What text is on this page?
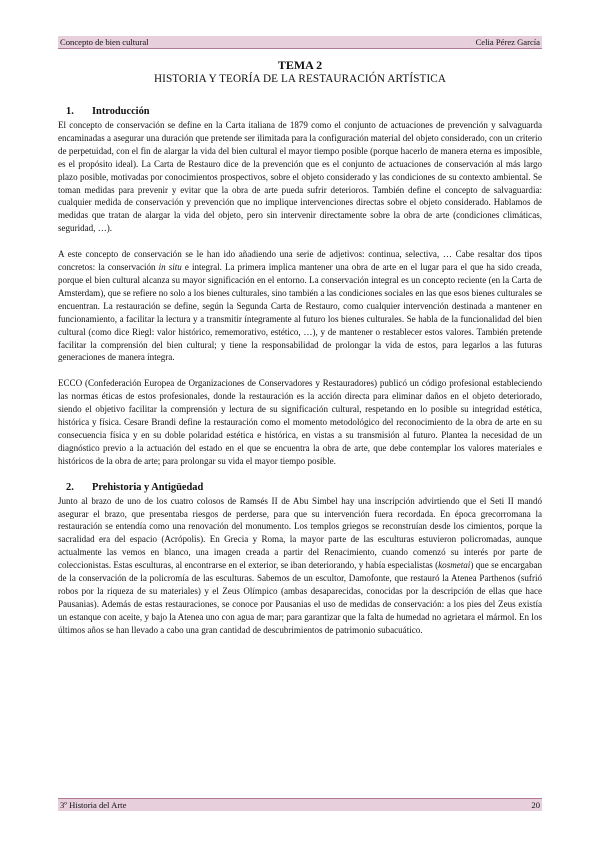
Concepto de bien cultural	Celia Pérez García
TEMA 2
HISTORIA Y TEORÍA DE LA RESTAURACIÓN ARTÍSTICA
1. Introducción

El concepto de conservación se define en la Carta italiana de 1879 como el conjunto de actuaciones de prevención y salvaguarda encaminadas a asegurar una duración que pretende ser ilimitada para la configuración material del objeto considerado, con un criterio de perpetuidad, con el fin de alargar la vida del bien cultural el mayor tiempo posible (porque hacerlo de manera eterna es imposible, es el propósito ideal). La Carta de Restauro dice de la prevención que es el conjunto de actuaciones de conservación al más largo plazo posible, motivadas por conocimientos prospectivos, sobre el objeto considerado y las condiciones de su contexto ambiental. Se toman medidas para prevenir y evitar que la obra de arte pueda sufrir deterioros. También define el concepto de salvaguardia: cualquier medida de conservación y prevención que no implique intervenciones directas sobre el objeto considerado. Hablamos de medidas que tratan de alargar la vida del objeto, pero sin intervenir directamente sobre la obra de arte (condiciones climáticas, seguridad, …).

A este concepto de conservación se le han ido añadiendo una serie de adjetivos: continua, selectiva, … Cabe resaltar dos tipos concretos: la conservación in situ e integral. La primera implica mantener una obra de arte en el lugar para el que ha sido creada, porque el bien cultural alcanza su mayor significación en el entorno. La conservación integral es un concepto reciente (en la Carta de Amsterdam), que se refiere no solo a los bienes culturales, sino también a las condiciones sociales en las que esos bienes culturales se encuentran. La restauración se define, según la Segunda Carta de Restauro, como cualquier intervención destinada a mantener en funcionamiento, a facilitar la lectura y a transmitir íntegramente al futuro los bienes culturales. Se habla de la funcionalidad del bien cultural (como dice Riegl: valor histórico, rememorativo, estético, …), y de mantener o restablecer estos valores. También pretende facilitar la comprensión del bien cultural; y tiene la responsabilidad de prolongar la vida de estos, para legarlos a las futuras generaciones de manera íntegra.

ECCO (Confederación Europea de Organizaciones de Conservadores y Restauradores) publicó un código profesional estableciendo las normas éticas de estos profesionales, donde la restauración es la acción directa para eliminar daños en el objeto deteriorado, siendo el objetivo facilitar la comprensión y lectura de su significación cultural, respetando en lo posible su integridad estética, histórica y física. Cesare Brandi define la restauración como el momento metodológico del reconocimiento de la obra de arte en su consecuencia física y en su doble polaridad estética e histórica, en vistas a su transmisión al futuro. Plantea la necesidad de un diagnóstico previo a la actuación del estado en el que se encuentra la obra de arte, que debe contemplar los valores materiales e históricos de la obra de arte; para prolongar su vida el mayor tiempo posible.

2. Prehistoria y Antigüedad

Junto al brazo de uno de los cuatro colosos de Ramsés II de Abu Simbel hay una inscripción advirtiendo que el Seti II mandó asegurar el brazo, que presentaba riesgos de perderse, para que su intervención fuera recordada. En época grecorromana la restauración se entendía como una renovación del monumento. Los templos griegos se reconstruían desde los cimientos, porque la sacralidad era del espacio (Acrópolis). En Grecia y Roma, la mayor parte de las esculturas estuvieron policromadas, aunque actualmente las vemos en blanco, una imagen creada a partir del Renacimiento, cuando comenzó su interés por parte de coleccionistas. Estas esculturas, al encontrarse en el exterior, se iban deteriorando, y había especialistas (kosmetai) que se encargaban de la conservación de la policromía de las esculturas. Sabemos de un escultor, Damofonte, que restauró la Atenea Parthenos (sufrió robos por la riqueza de su materiales) y el Zeus Olímpico (ambas desaparecidas, conocidas por la descripción de ellas que hace Pausanias). Además de estas restauraciones, se conoce por Pausanias el uso de medidas de conservación: a los pies del Zeus existía un estanque con aceite, y bajo la Atenea uno con agua de mar; para garantizar que la falta de humedad no agrietara el mármol. En los últimos años se han llevado a cabo una gran cantidad de descubrimientos de patrimonio subacuático.

3º Historia del Arte	20
